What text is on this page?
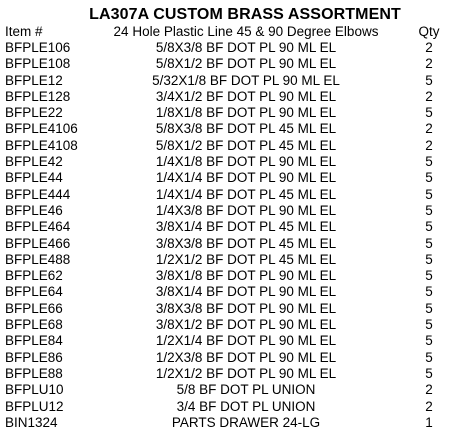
LA307A CUSTOM BRASS ASSORTMENT
Item #	24 Hole Plastic Line 45 & 90 Degree Elbows	Qty
BFPLE106	5/8X3/8 BF DOT PL 90 ML EL	2
BFPLE108	5/8X1/2 BF DOT PL 90 ML EL	2
BFPLE12	5/32X1/8 BF DOT PL 90 ML EL	5
BFPLE128	3/4X1/2 BF DOT PL 90 ML EL	2
BFPLE22	1/8X1/8 BF DOT PL 90 ML EL	5
BFPLE4106	5/8X3/8 BF DOT PL 45 ML EL	2
BFPLE4108	5/8X1/2 BF DOT PL 45 ML EL	2
BFPLE42	1/4X1/8 BF DOT PL 90 ML EL	5
BFPLE44	1/4X1/4 BF DOT PL 90 ML EL	5
BFPLE444	1/4X1/4 BF DOT PL 45 ML EL	5
BFPLE46	1/4X3/8 BF DOT PL 90 ML EL	5
BFPLE464	3/8X1/4 BF DOT PL 45 ML EL	5
BFPLE466	3/8X3/8 BF DOT PL 45 ML EL	5
BFPLE488	1/2X1/2 BF DOT PL 45 ML EL	5
BFPLE62	3/8X1/8 BF DOT PL 90 ML EL	5
BFPLE64	3/8X1/4 BF DOT PL 90 ML EL	5
BFPLE66	3/8X3/8 BF DOT PL 90 ML EL	5
BFPLE68	3/8X1/2 BF DOT PL 90 ML EL	5
BFPLE84	1/2X1/4 BF DOT PL 90 ML EL	5
BFPLE86	1/2X3/8 BF DOT PL 90 ML EL	5
BFPLE88	1/2X1/2 BF DOT PL 90 ML EL	5
BFPLU10	5/8 BF DOT PL UNION	2
BFPLU12	3/4 BF DOT PL UNION	2
BIN1324	PARTS DRAWER 24-LG	1
